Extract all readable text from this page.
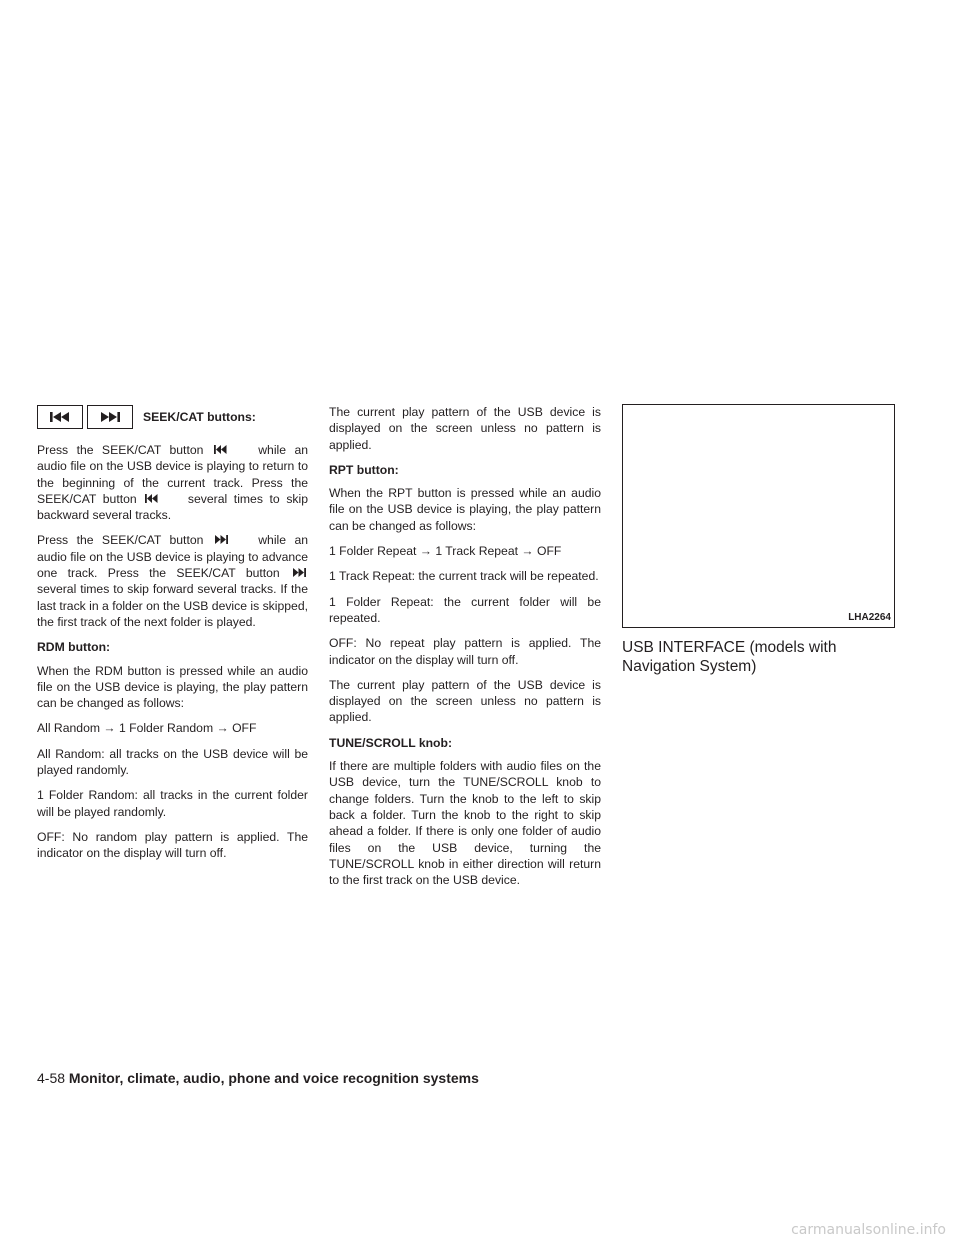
SEEK/CAT buttons:

Press the SEEK/CAT button	while an audio file on the USB device is playing to return to the beginning of the current track. Press the SEEK/CAT button	several times to skip backward several tracks.

Press the SEEK/CAT button	while an audio file on the USB device is playing to advance one track. Press the SEEK/CAT button  several times to skip forward several tracks. If the last track in a folder on the USB device is skipped, the first track of the next folder is played.

RDM button:

When the RDM button is pressed while an audio file on the USB device is playing, the play pattern can be changed as follows:

All Random → 1 Folder Random → OFF

All Random: all tracks on the USB device will be played randomly.

1 Folder Random: all tracks in the current folder will be played randomly.

OFF: No random play pattern is applied. The indicator on the display will turn off.

The current play pattern of the USB device is displayed on the screen unless no pattern is applied.

RPT button:

When the RPT button is pressed while an audio file on the USB device is playing, the play pattern can be changed as follows:

1 Folder Repeat → 1 Track Repeat → OFF

1 Track Repeat: the current track will be repeated.

1 Folder Repeat: the current folder will be repeated.

OFF: No repeat play pattern is applied. The indicator on the display will turn off.

The current play pattern of the USB device is displayed on the screen unless no pattern is applied.

TUNE/SCROLL knob:

If there are multiple folders with audio files on the USB device, turn the TUNE/SCROLL knob to change folders. Turn the knob to the left to skip back a folder. Turn the knob to the right to skip ahead a folder. If there is only one folder of audio files on the USB device, turning the TUNE/SCROLL knob in either direction will return to the first track on the USB device.

LHA2264
USB INTERFACE (models with Navigation System)
4-58 Monitor, climate, audio, phone and voice recognition systems
carmanualsonline.info
